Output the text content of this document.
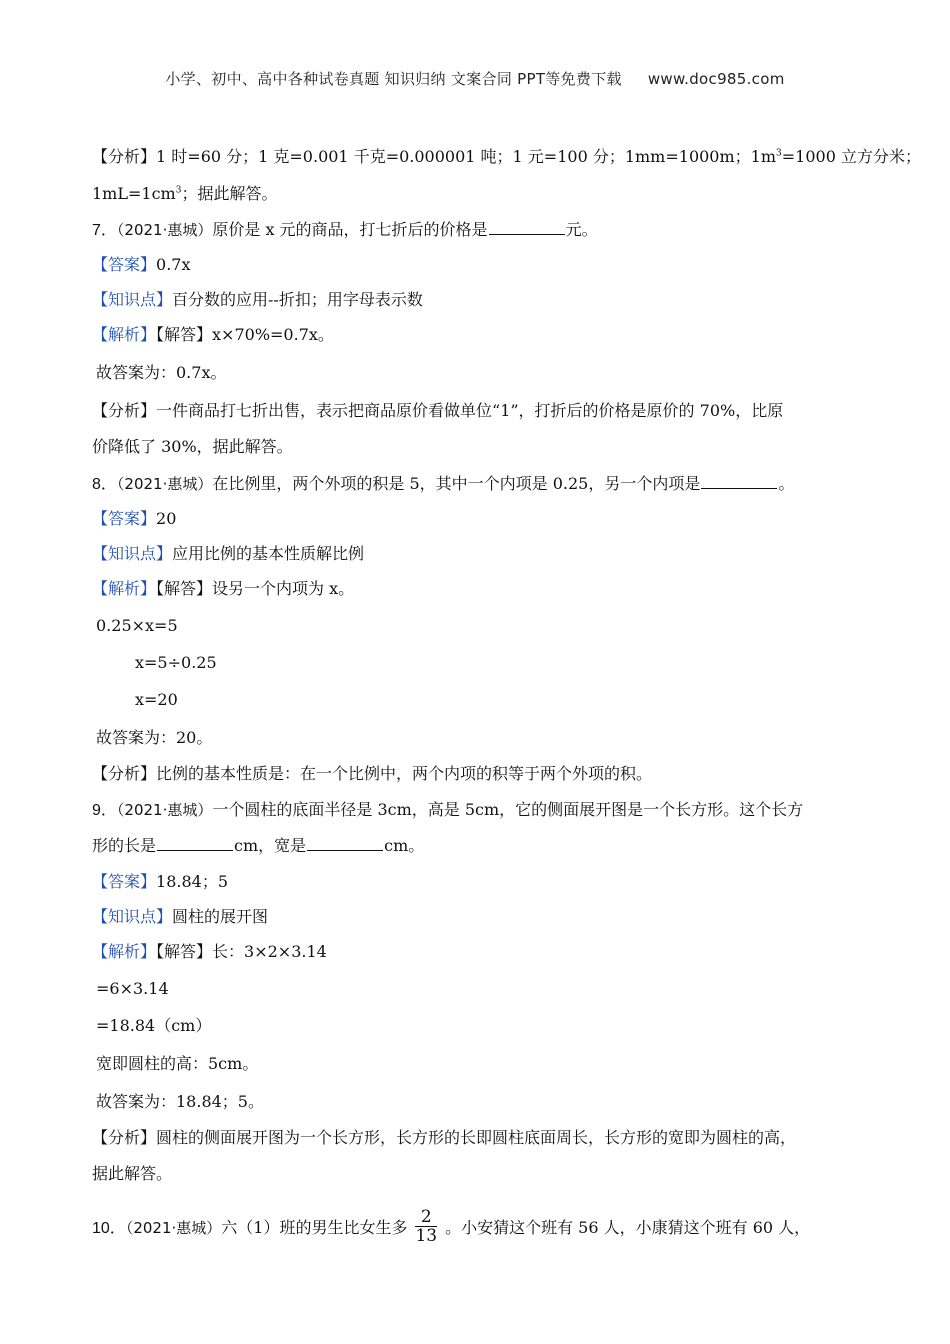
小学、初中、高中各种试卷真题 知识归纳 文案合同 PPT等免费下载 www.doc985.com
【分析】1 时=60 分；1 克=0.001 千克=0.000001 吨；1 元=100 分；1mm=1000m；$1m^3=1000$ 立方分米；
$1mL=1cm^3$；据此解答。
7．（2021·惠城）原价是 x 元的商品，打七折后的价格是	元。
【答案】0.7x
【知识点】百分数的应用--折扣；用字母表示数
【解析】【解答】x×70%=0.7x。
故答案为：0.7x。
【分析】一件商品打七折出售，表示把商品原价看做单位“1”，打折后的价格是原价的 70%，比原
价降低了 30%，据此解答。
8．（2021·惠城）在比例里，两个外项的积是 5，其中一个内项是 0.25，另一个内项是	。
【答案】20
【知识点】应用比例的基本性质解比例
【解析】【解答】设另一个内项为 x。
0.25×x=5
x=5÷0.25
x=20
故答案为：20。
【分析】比例的基本性质是：在一个比例中，两个内项的积等于两个外项的积。
9．（2021·惠城）一个圆柱的底面半径是 3cm，高是 5cm，它的侧面展开图是一个长方形。这个长方
形的长是	cm，宽是	cm。
【答案】18.84；5
【知识点】圆柱的展开图
【解析】【解答】长：3×2×3.14
=6×3.14
=18.84（cm）
宽即圆柱的高：5cm。
故答案为：18.84；5。
【分析】圆柱的侧面展开图为一个长方形，长方形的长即圆柱底面周长，长方形的宽即为圆柱的高，
据此解答。
10．（2021·惠城）六（1）班的男生比女生多 $\frac{2}{13}$ 。小安猜这个班有 56 人，小康猜这个班有 60 人，
